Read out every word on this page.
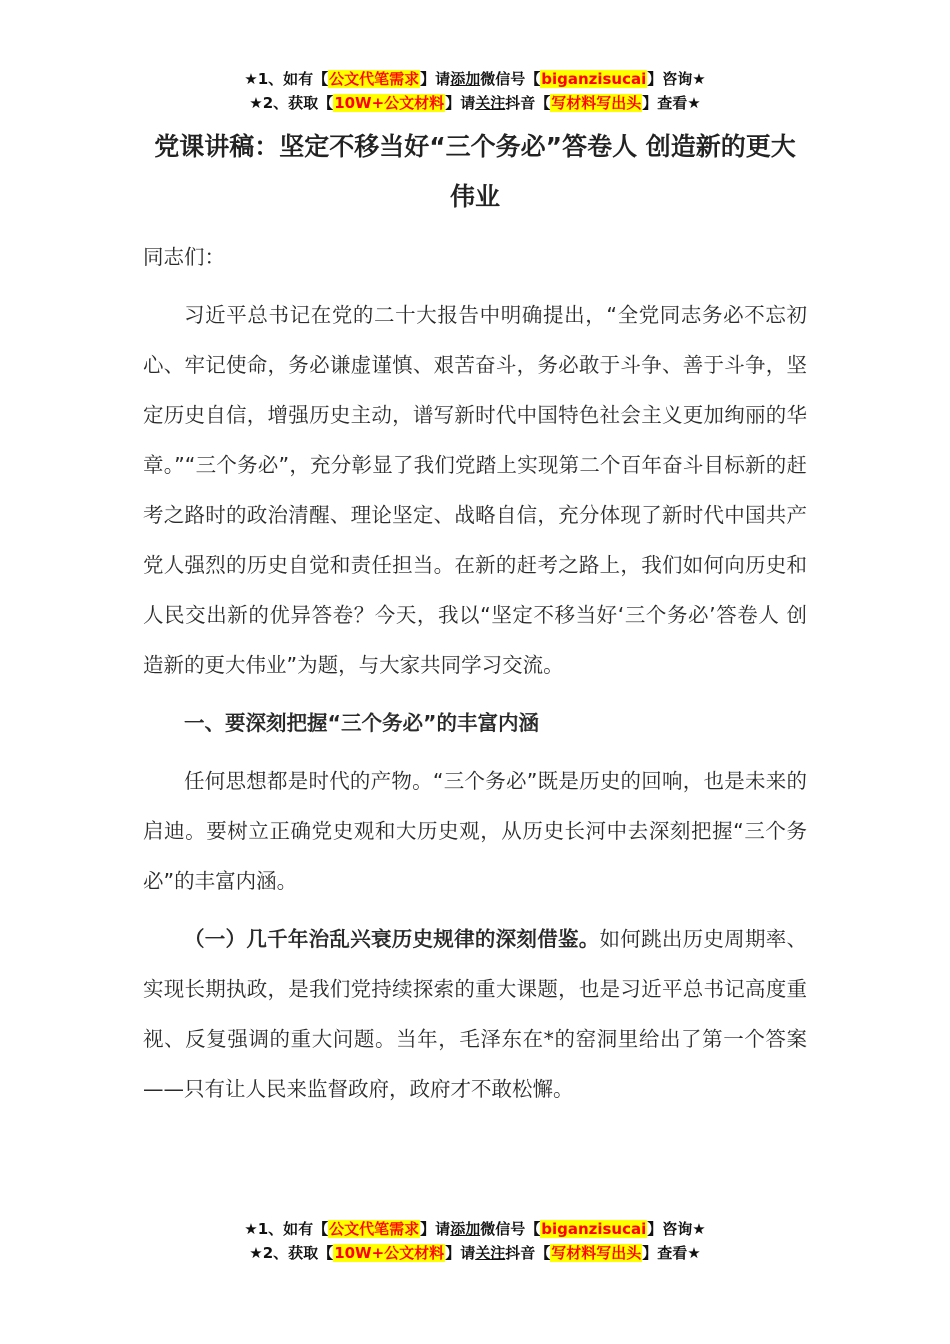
★1、如有【公文代笔需求】请添加微信号【biganzisucai】咨询★
★2、获取【10W+公文材料】请关注抖音【写材料写出头】查看★
党课讲稿：坚定不移当好“三个务必”答卷人 创造新的更大伟业

同志们：

习近平总书记在党的二十大报告中明确提出，“全党同志务必不忘初心、牢记使命，务必谦虚谨慎、艰苦奋斗，务必敢于斗争、善于斗争，坚定历史自信，增强历史主动，谱写新时代中国特色社会主义更加绚丽的华章。”“三个务必”，充分彰显了我们党踏上实现第二个百年奋斗目标新的赶考之路时的政治清醒、理论坚定、战略自信，充分体现了新时代中国共产党人强烈的历史自觉和责任担当。在新的赶考之路上，我们如何向历史和人民交出新的优异答卷？今天，我以“坚定不移当好‘三个务必’答卷人 创造新的更大伟业”为题，与大家共同学习交流。

一、要深刻把握“三个务必”的丰富内涵

任何思想都是时代的产物。“三个务必”既是历史的回响，也是未来的启迪。要树立正确党史观和大历史观，从历史长河中去深刻把握“三个务必”的丰富内涵。

（一）几千年治乱兴衰历史规律的深刻借鉴。如何跳出历史周期率、实现长期执政，是我们党持续探索的重大课题，也是习近平总书记高度重视、反复强调的重大问题。当年，毛泽东在*的窑洞里给出了第一个答案——只有让人民来监督政府，政府才不敢松懈。

★1、如有【公文代笔需求】请添加微信号【biganzisucai】咨询★
★2、获取【10W+公文材料】请关注抖音【写材料写出头】查看★
